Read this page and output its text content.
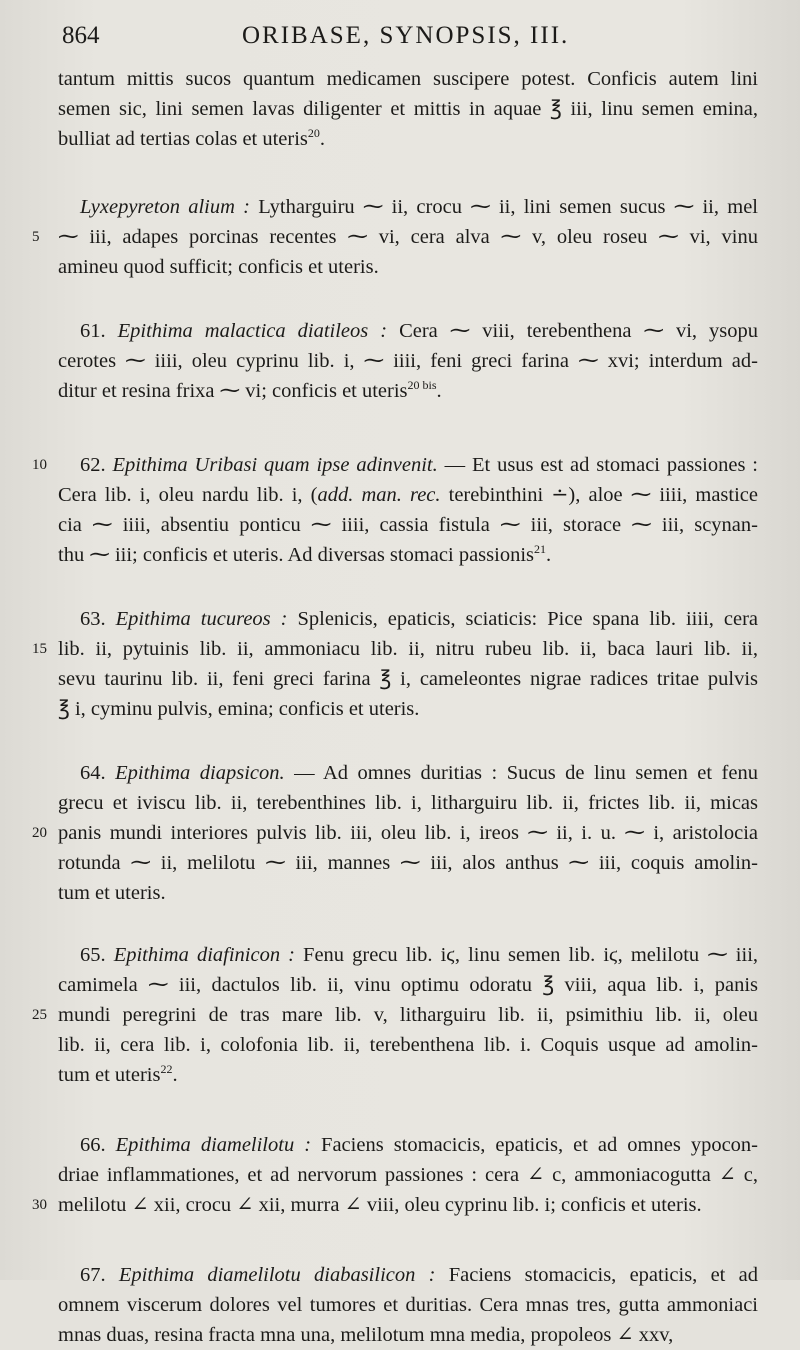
864	ORIBASE, SYNOPSIS, III.
tantum mittis sucos quantum medicamen suscipere potest. Conficis autem lini
semen sic, lini semen lavas diligenter et mittis in aquae ℥ iii, linu semen emina,
bulliat ad tertias colas et uteris$^{20}$.
Lyxepyreton alium : Lytharguiru ⁓ ii, crocu ⁓ ii, lini semen sucus ⁓ ii, mel
5 ⁓ iii, adapes porcinas recentes ⁓ vi, cera alva ⁓ v, oleu roseu ⁓ vi, vinu
amineu quod sufficit; conficis et uteris.
61. Epithima malactica diatileos : Cera ⁓ viii, terebenthena ⁓ vi, ysopu
cerotes ⁓ iiii, oleu cyprinu lib. i, ⁓ iiii, feni greci farina ⁓ xvi; interdum ad-
ditur et resina frixa ⁓ vi; conficis et uteris$^{20 bis}$.
10 62. Epithima Uribasi quam ipse adinvenit. — Et usus est ad stomaci passiones :
Cera lib. i, oleu nardu lib. i, (add. man. rec. terebinthini ∸), aloe ⁓ iiii, mastice
cia ⁓ iiii, absentiu ponticu ⁓ iiii, cassia fistula ⁓ iii, storace ⁓ iii, scynan-
thu ⁓ iii; conficis et uteris. Ad diversas stomaci passionis$^{21}$.
63. Epithima tucureos : Splenicis, epaticis, sciaticis: Pice spana lib. iiii, cera
15 lib. ii, pytuinis lib. ii, ammoniacu lib. ii, nitru rubeu lib. ii, baca lauri lib. ii,
sevu taurinu lib. ii, feni greci farina ℥ i, cameleontes nigrae radices tritae pulvis
℥ i, cyminu pulvis, emina; conficis et uteris.
64. Epithima diapsicon. — Ad omnes duritias : Sucus de linu semen et fenu
grecu et iviscu lib. ii, terebenthines lib. i, litharguiru lib. ii, frictes lib. ii, micas
20 panis mundi interiores pulvis lib. iii, oleu lib. i, ireos ⁓ ii, i. u. ⁓ i, aristolocia
rotunda ⁓ ii, melilotu ⁓ iii, mannes ⁓ iii, alos anthus ⁓ iii, coquis amolin-
tum et uteris.
65. Epithima diafinicon : Fenu grecu lib. iϛ, linu semen lib. iϛ, melilotu ⁓ iii,
camimela ⁓ iii, dactulos lib. ii, vinu optimu odoratu ℥ viii, aqua lib. i, panis
25 mundi peregrini de tras mare lib. v, litharguiru lib. ii, psimithiu lib. ii, oleu
lib. ii, cera lib. i, colofonia lib. ii, terebenthena lib. i. Coquis usque ad amolin-
tum et uteris$^{22}$.
66. Epithima diamelilotu : Faciens stomacicis, epaticis, et ad omnes ypocon-
driae inflammationes, et ad nervorum passiones : cera ∠ c, ammoniacogutta ∠ c,
30 melilotu ∠ xii, crocu ∠ xii, murra ∠ viii, oleu cyprinu lib. i; conficis et uteris.
67. Epithima diamelilotu diabasilicon : Faciens stomacicis, epaticis, et ad
omnem viscerum dolores vel tumores et duritias. Cera mnas tres, gutta ammoniaci
mnas duas, resina fracta mna una, melilotum mna media, propoleos ∠ xxv,
